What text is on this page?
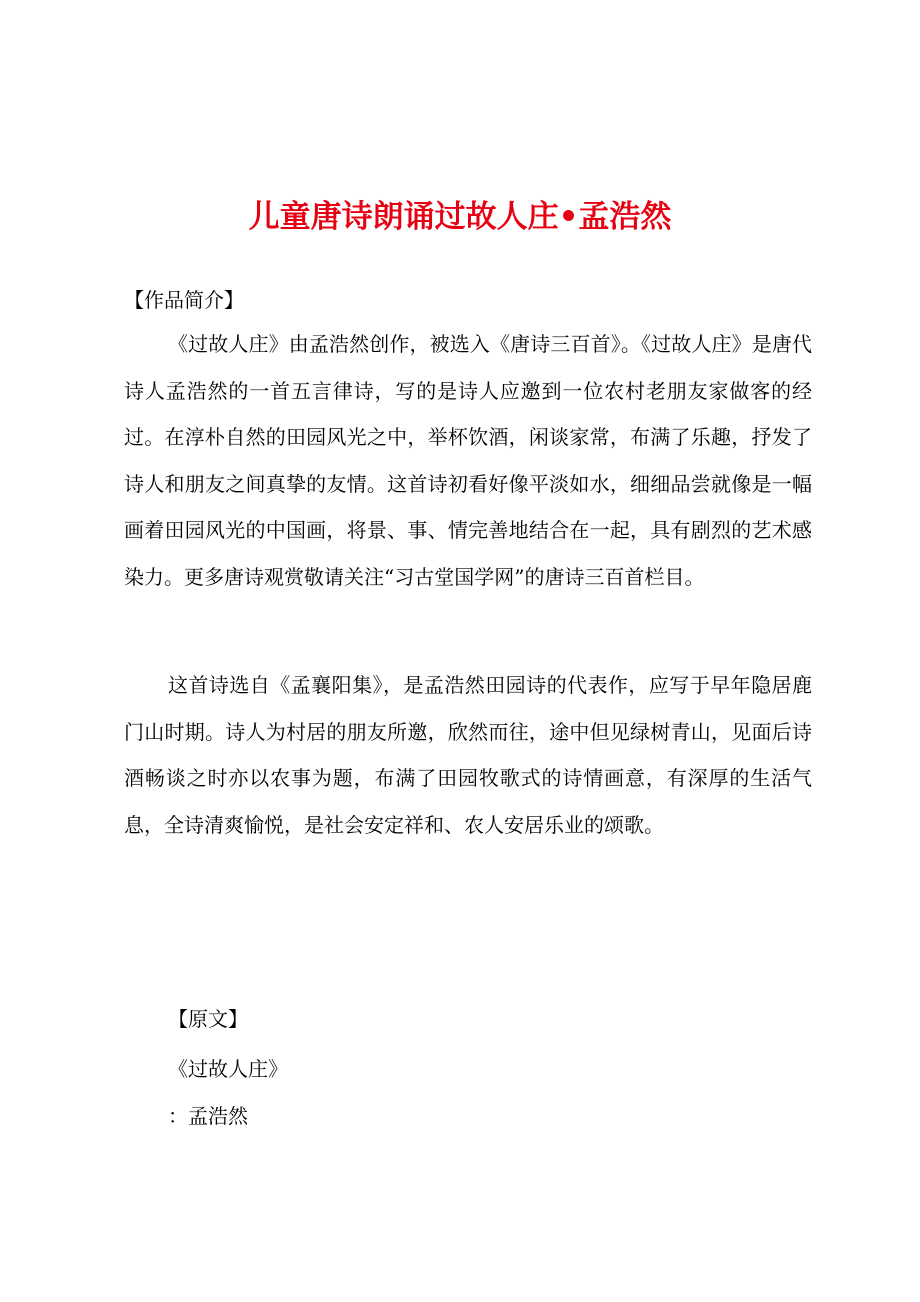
儿童唐诗朗诵过故人庄•孟浩然
【作品简介】

《过故人庄》由孟浩然创作，被选入《唐诗三百首》。《过故人庄》是唐代诗人孟浩然的一首五言律诗，写的是诗人应邀到一位农村老朋友家做客的经过。在淳朴自然的田园风光之中，举杯饮酒，闲谈家常，布满了乐趣，抒发了诗人和朋友之间真挚的友情。这首诗初看好像平淡如水，细细品尝就像是一幅画着田园风光的中国画，将景、事、情完善地结合在一起，具有剧烈的艺术感染力。更多唐诗观赏敬请关注“习古堂国学网”的唐诗三百首栏目。

这首诗选自《孟襄阳集》，是孟浩然田园诗的代表作，应写于早年隐居鹿门山时期。诗人为村居的朋友所邀，欣然而往，途中但见绿树青山，见面后诗酒畅谈之时亦以农事为题，布满了田园牧歌式的诗情画意，有深厚的生活气息，全诗清爽愉悦，是社会安定祥和、农人安居乐业的颂歌。

【原文】
《过故人庄》
：孟浩然
